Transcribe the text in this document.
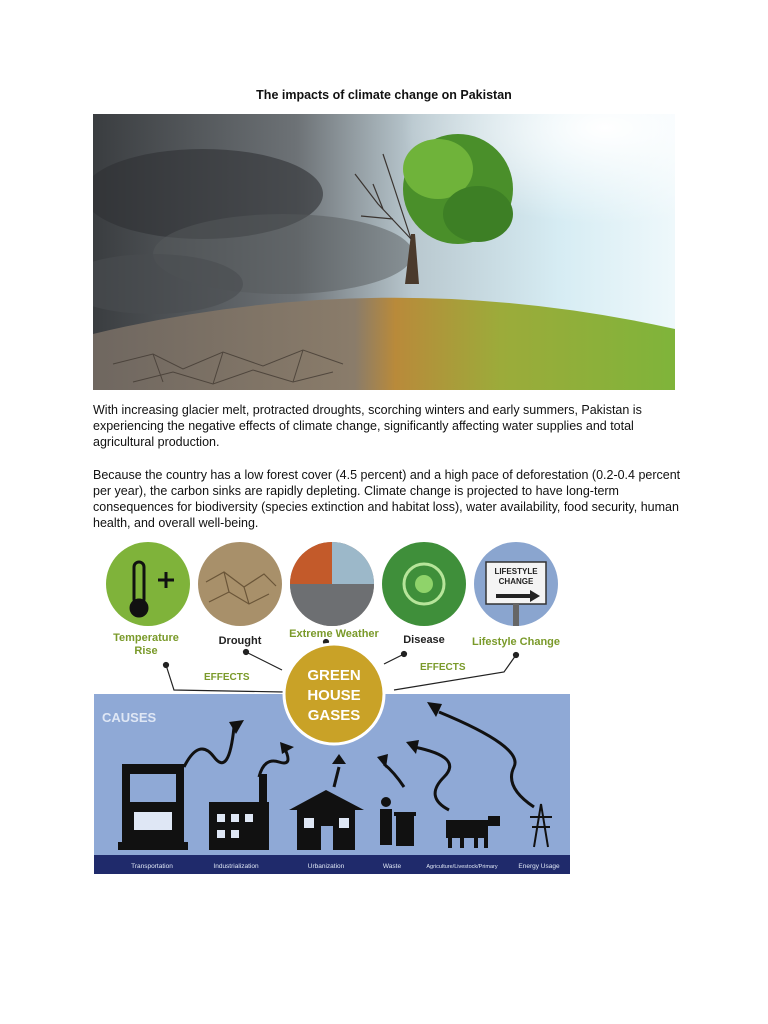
The impacts of climate change on Pakistan
With increasing glacier melt, protracted droughts, scorching winters and early summers, Pakistan is experiencing the negative effects of climate change, significantly affecting water supplies and total agricultural production.
Because the country has a low forest cover (4.5 percent) and a high pace of deforestation (0.2-0.4 percent per year), the carbon sinks are rapidly depleting. Climate change is projected to have long-term consequences for biodiversity (species extinction and habitat loss), water availability, food security, human health, and overall well-being.
CAUSES
LIFESTYLE
CHANGE
Temperature
Rise
Drought
Extreme Weather Disease Lifestyle Change
EFFECTS
EFFECTS
GREEN
HOUSE
GASES
Transportation	Industrialization	Urbanization	Waste	Agriculture/Livestock/Primary	Energy Usage
